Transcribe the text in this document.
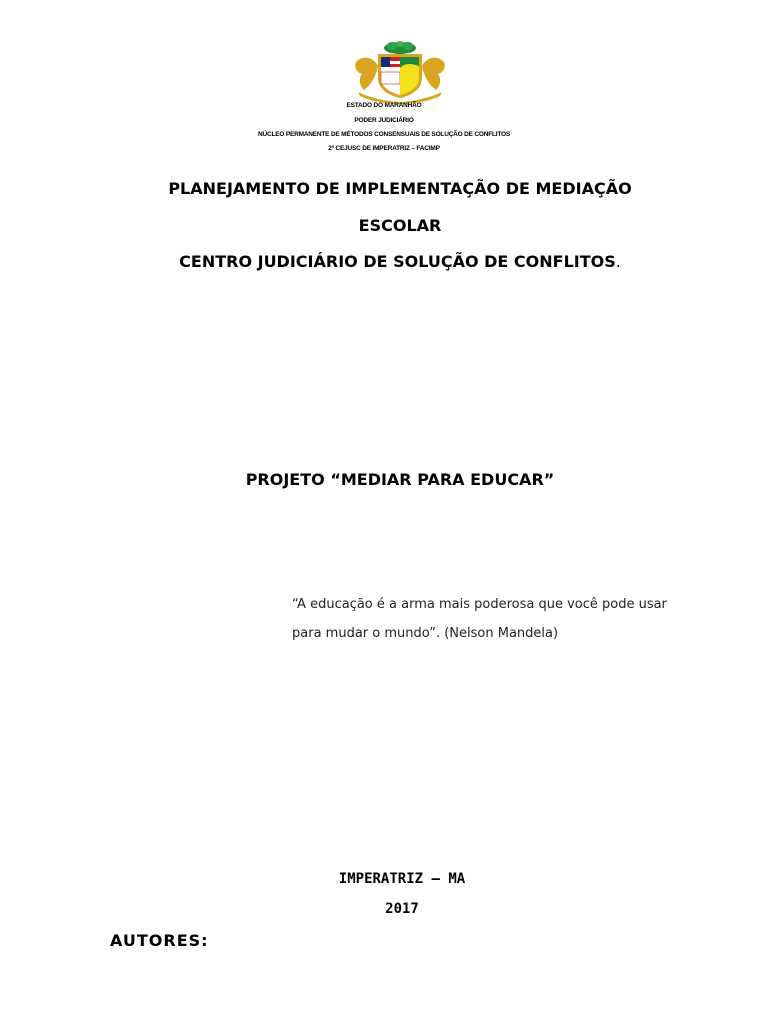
ESTADO DO MARANHÃO
PODER JUDICIÁRIO
NÚCLEO PERMANENTE DE MÉTODOS CONSENSUAIS DE SOLUÇÃO DE CONFLITOS
2º CEJUSC DE IMPERATRIZ – FACIMP
PLANEJAMENTO DE IMPLEMENTAÇÃO DE MEDIAÇÃO
ESCOLAR
CENTRO JUDICIÁRIO DE SOLUÇÃO DE CONFLITOS.
PROJETO “MEDIAR PARA EDUCAR”

“A educação é a arma mais poderosa que você pode usar

para mudar o mundo”. (Nelson Mandela)

IMPERATRIZ – MA
2017
AUTORES:
